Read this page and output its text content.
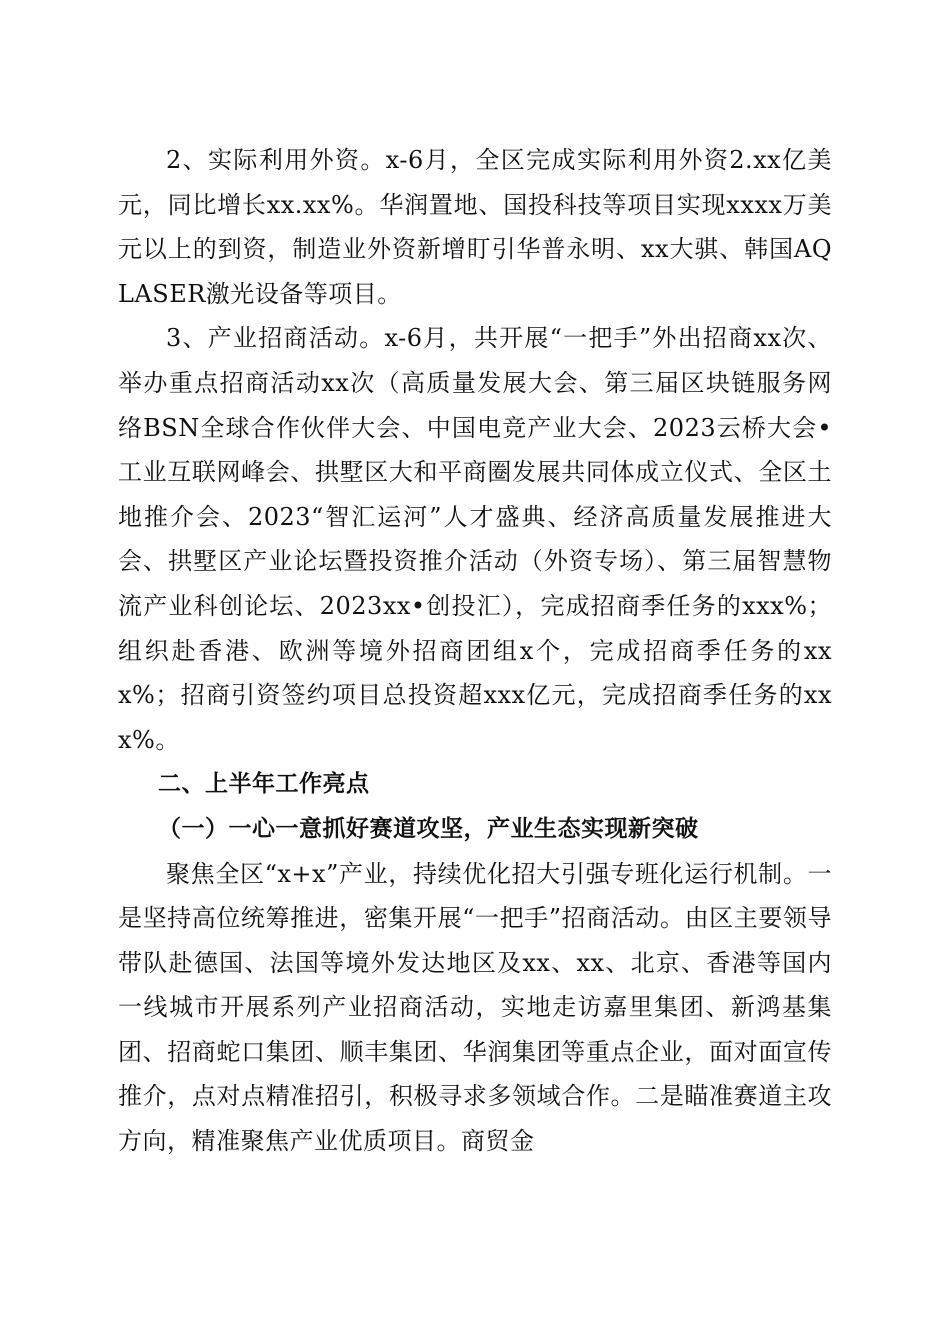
2、实际利用外资。x-6月，全区完成实际利用外资2.xx亿美元，同比增长xx.xx%。华润置地、国投科技等项目实现xxxx万美元以上的到资，制造业外资新增盯引华普永明、xx大骐、韩国AQLASER激光设备等项目。

3、产业招商活动。x-6月，共开展“一把手”外出招商xx次、举办重点招商活动xx次（高质量发展大会、第三届区块链服务网络BSN全球合作伙伴大会、中国电竞产业大会、2023云桥大会•工业互联网峰会、拱墅区大和平商圈发展共同体成立仪式、全区土地推介会、2023“智汇运河”人才盛典、经济高质量发展推进大会、拱墅区产业论坛暨投资推介活动（外资专场）、第三届智慧物流产业科创论坛、2023xx•创投汇），完成招商季任务的xxx%；组织赴香港、欧洲等境外招商团组x个，完成招商季任务的xxx%；招商引资签约项目总投资超xxx亿元，完成招商季任务的xxx%。

二、上半年工作亮点

（一）一心一意抓好赛道攻坚，产业生态实现新突破

聚焦全区“x+x”产业，持续优化招大引强专班化运行机制。一是坚持高位统筹推进，密集开展“一把手”招商活动。由区主要领导带队赴德国、法国等境外发达地区及xx、xx、北京、香港等国内一线城市开展系列产业招商活动，实地走访嘉里集团、新鸿基集团、招商蛇口集团、顺丰集团、华润集团等重点企业，面对面宣传推介，点对点精准招引，积极寻求多领域合作。二是瞄准赛道主攻方向，精准聚焦产业优质项目。商贸金
